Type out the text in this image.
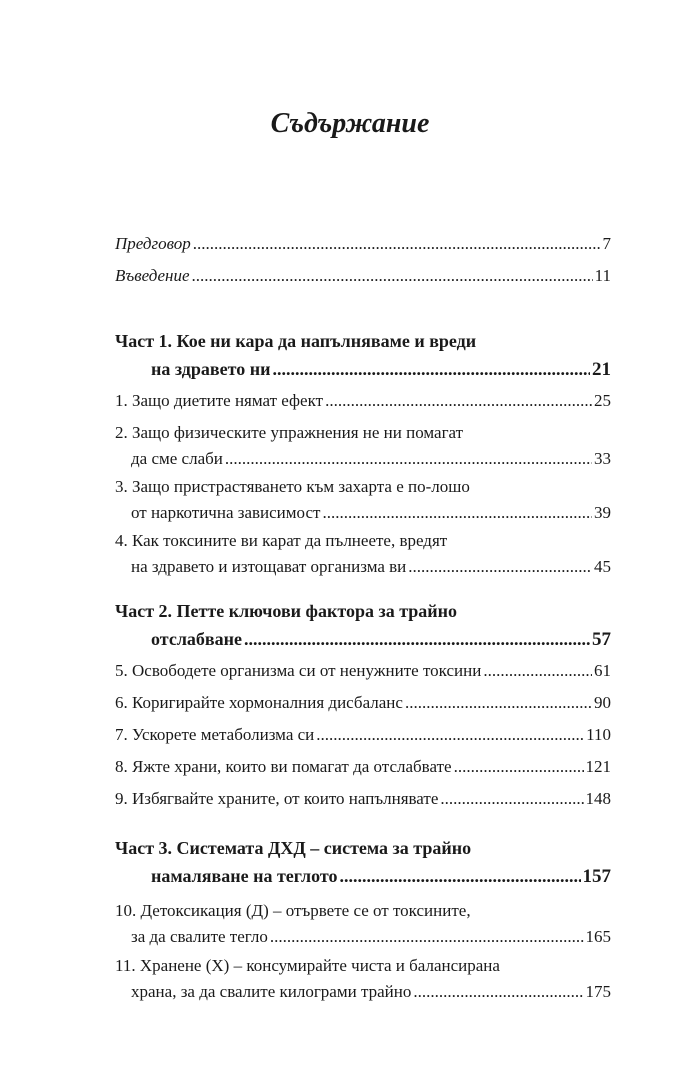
Съдържание
Предговор .....	7
Въведение .....	11
Част 1. Кое ни кара да напълняваме и вреди
на здравето ни .....	21
1. Защо диетите нямат ефект .....	25
2. Защо физическите упражнения не ни помагат
да сме слаби .....	33
3. Защо пристрастяването към захарта е по-лошо
от наркотична зависимост .....	39
4. Как токсините ви карат да пълнеете, вредят
на здравето и изтощават организма ви .....	45
Част 2. Петте ключови фактора за трайно
отслабване .....	57
5. Освободете организма си от ненужните токсини .....	61
6. Коригирайте хормоналния дисбаланс .....	90
7. Ускорете метаболизма си .....	110
8. Яжте храни, които ви помагат да отслабвате .....	121
9. Избягвайте храните, от които напълнявате .....	148
Част 3. Системата ДХД – система за трайно
намаляване на теглото .....	157
10. Детоксикация (Д) – отървете се от токсините,
за да свалите тегло .....	165
11. Хранене (Х) – консумирайте чиста и балансирана
храна, за да свалите килограми трайно .....	175
